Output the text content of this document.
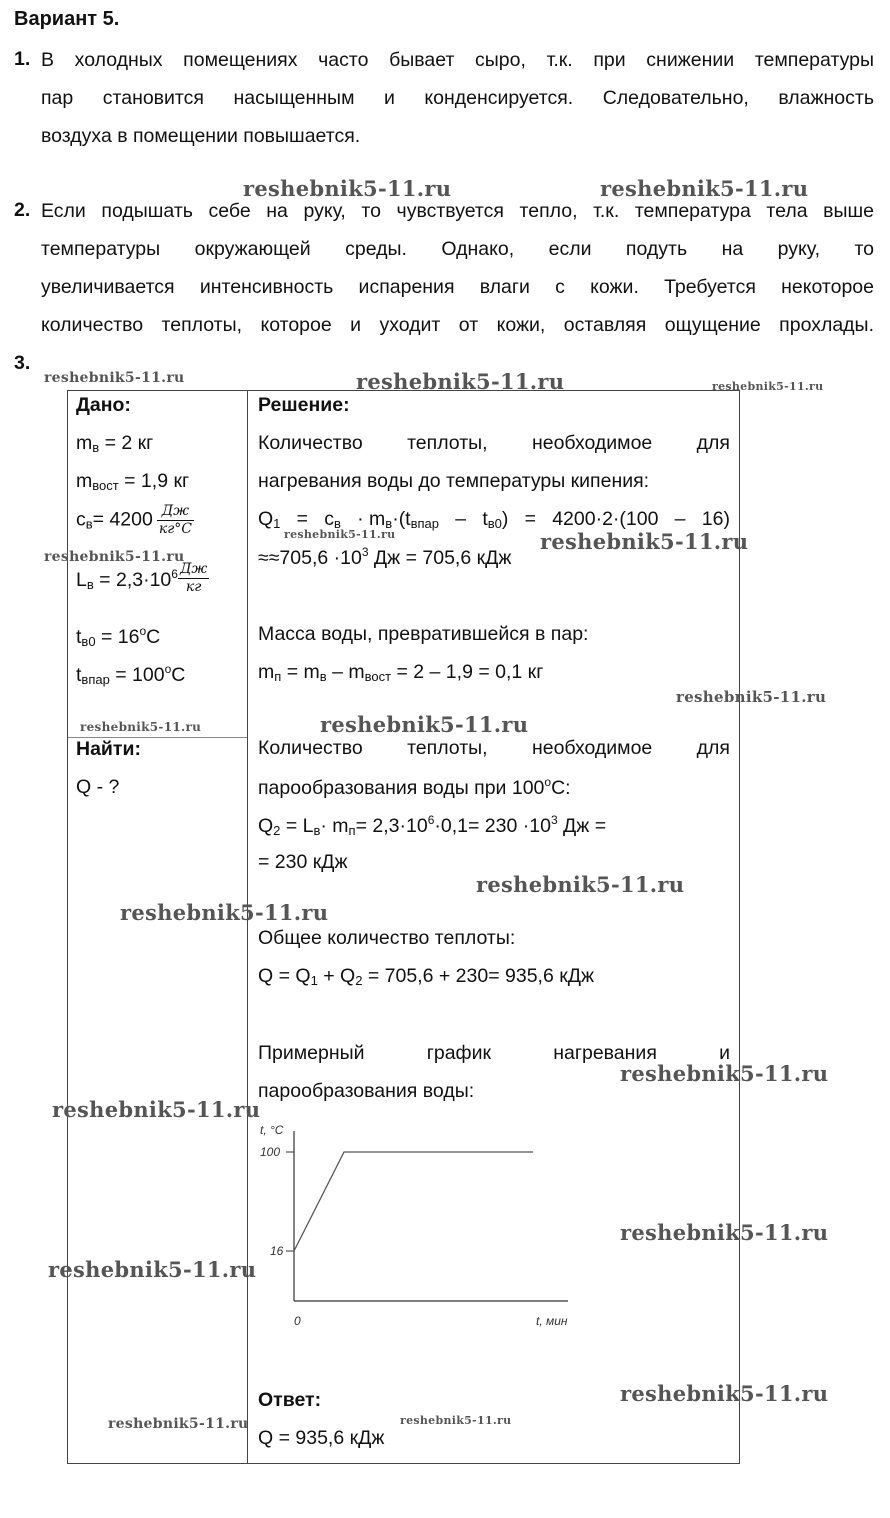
Вариант 5.
1. В холодных помещениях часто бывает сыро, т.к. при снижении температуры
пар становится насыщенным и конденсируется. Следовательно, влажность
воздуха в помещении повышается.
2. Если подышать себе на руку, то чувствуется тепло, т.к. температура тела выше
температуры окружающей среды. Однако, если подуть на руку, то
увеличивается интенсивность испарения влаги с кожи. Требуется некоторое
количество теплоты, которое и уходит от кожи, оставляя ощущение прохлады.
3.
Дано:
$m_в = 2$ кг
$m_{вост} = 1,9$ кг
$c_в= 4200 \frac{Дж}{кг^\circ C}$
$L_в = 2,3\cdot 10^6 \frac{Дж}{кг}$
$t_{в0} = 16^oC$
$t_{впар} = 100^oC$
Найти:
Q - ?
Решение:
Количество теплоты, необходимое для
нагревания воды до температуры кипения:
$Q_1 = c_в \cdot m_в\cdot(t_{впар} - t_{в0}) = 4200\cdot 2\cdot(100 - 16)$
$\approx\approx 705,6 \cdot 10^3$ Дж = 705,6 кДж
Масса воды, превратившейся в пар:
$m_п = m_в - m_{вост} = 2 - 1,9 = 0,1$ кг
Количество теплоты, необходимое для
парообразования воды при 100$^o$C:
$Q_2 = L_в\cdot m_п= 2,3\cdot 10^6\cdot 0,1= 230 \cdot 10^3$ Дж =
= 230 кДж
Общее количество теплоты:
$Q = Q_1 + Q_2 = 705,6 + 230= 935,6$ кДж
Примерный	график	нагревания	и
парообразования воды:
t, °C
100
16
0	t, мин
Ответ:
Q = 935,6 кДж
reshebnik5-11.ru	reshebnik5-11.ru
reshebnik5-11.ru	reshebnik5-11.ru	reshebnik5-11.ru
reshebnik5-11.ru
reshebnik5-11.ru
reshebnik5-11.ru
reshebnik5-11.ru
reshebnik5-11.ru	reshebnik5-11.ru
reshebnik5-11.ru
reshebnik5-11.ru
reshebnik5-11.ru
reshebnik5-11.ru
reshebnik5-11.ru
reshebnik5-11.ru
reshebnik5-11.ru
reshebnik5-11.ru	reshebnik5-11.ru
